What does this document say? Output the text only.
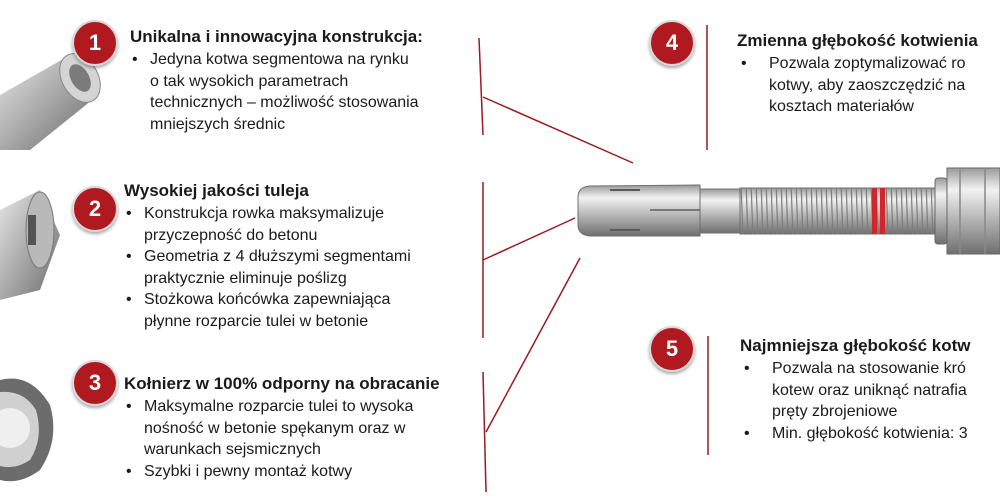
1
2
3
4
5
Unikalna i innowacyjna konstrukcja:
• Jedyna kotwa segmentowa na rynku
o tak wysokich parametrach
technicznych – możliwość stosowania
mniejszych średnic
Wysokiej jakości tuleja
• Konstrukcja rowka maksymalizuje
przyczepność do betonu
• Geometria z 4 dłuższymi segmentami
praktycznie eliminuje poślizg
• Stożkowa końcówka zapewniająca
płynne rozparcie tulei w betonie
Kołnierz w 100% odporny na obracanie
• Maksymalne rozparcie tulei to wysoka
nośność w betonie spękanym oraz w
warunkach sejsmicznych
• Szybki i pewny montaż kotwy
Zmienna głębokość kotwienia
• Pozwala zoptymalizować ro
kotwy, aby zaoszczędzić na
kosztach materiałów
Najmniejsza głębokość kotw
• Pozwala na stosowanie kró
kotew oraz uniknąć natrafia
pręty zbrojeniowe
• Min. głębokość kotwienia: 3
